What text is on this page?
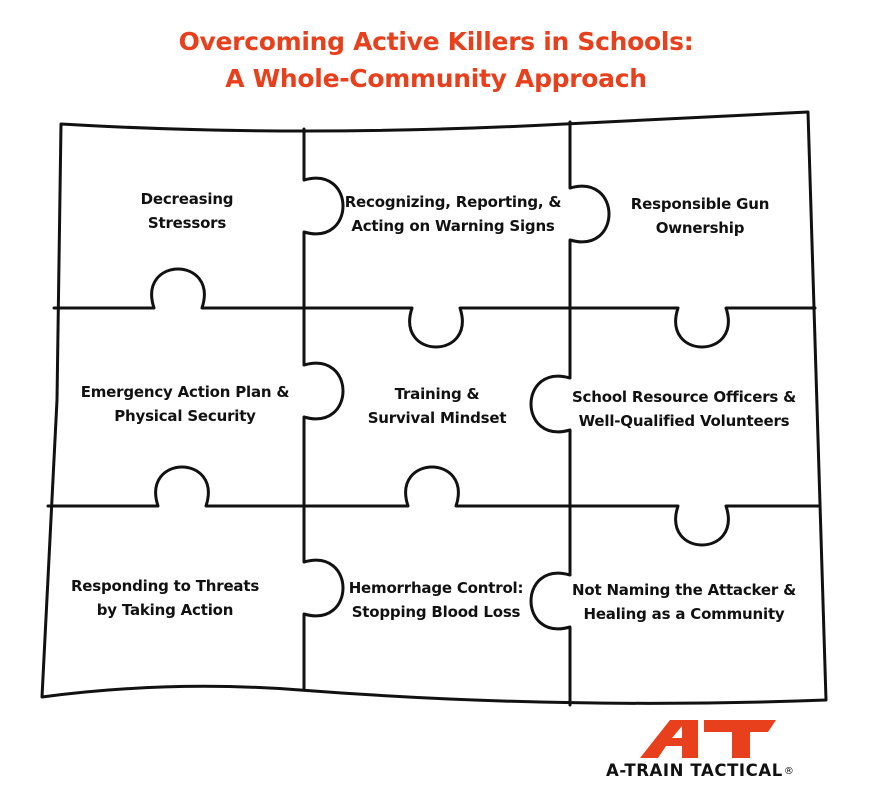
Overcoming Active Killers in Schools:
A Whole-Community Approach
Decreasing
Stressors
Recognizing, Reporting, &
Acting on Warning Signs
Responsible Gun
Ownership
Emergency Action Plan &
Physical Security
Training &
Survival Mindset
School Resource Officers &
Well-Qualified Volunteers
Responding to Threats
by Taking Action
Hemorrhage Control:
Stopping Blood Loss
Not Naming the Attacker &
Healing as a Community
A-TRAIN TACTICAL®
